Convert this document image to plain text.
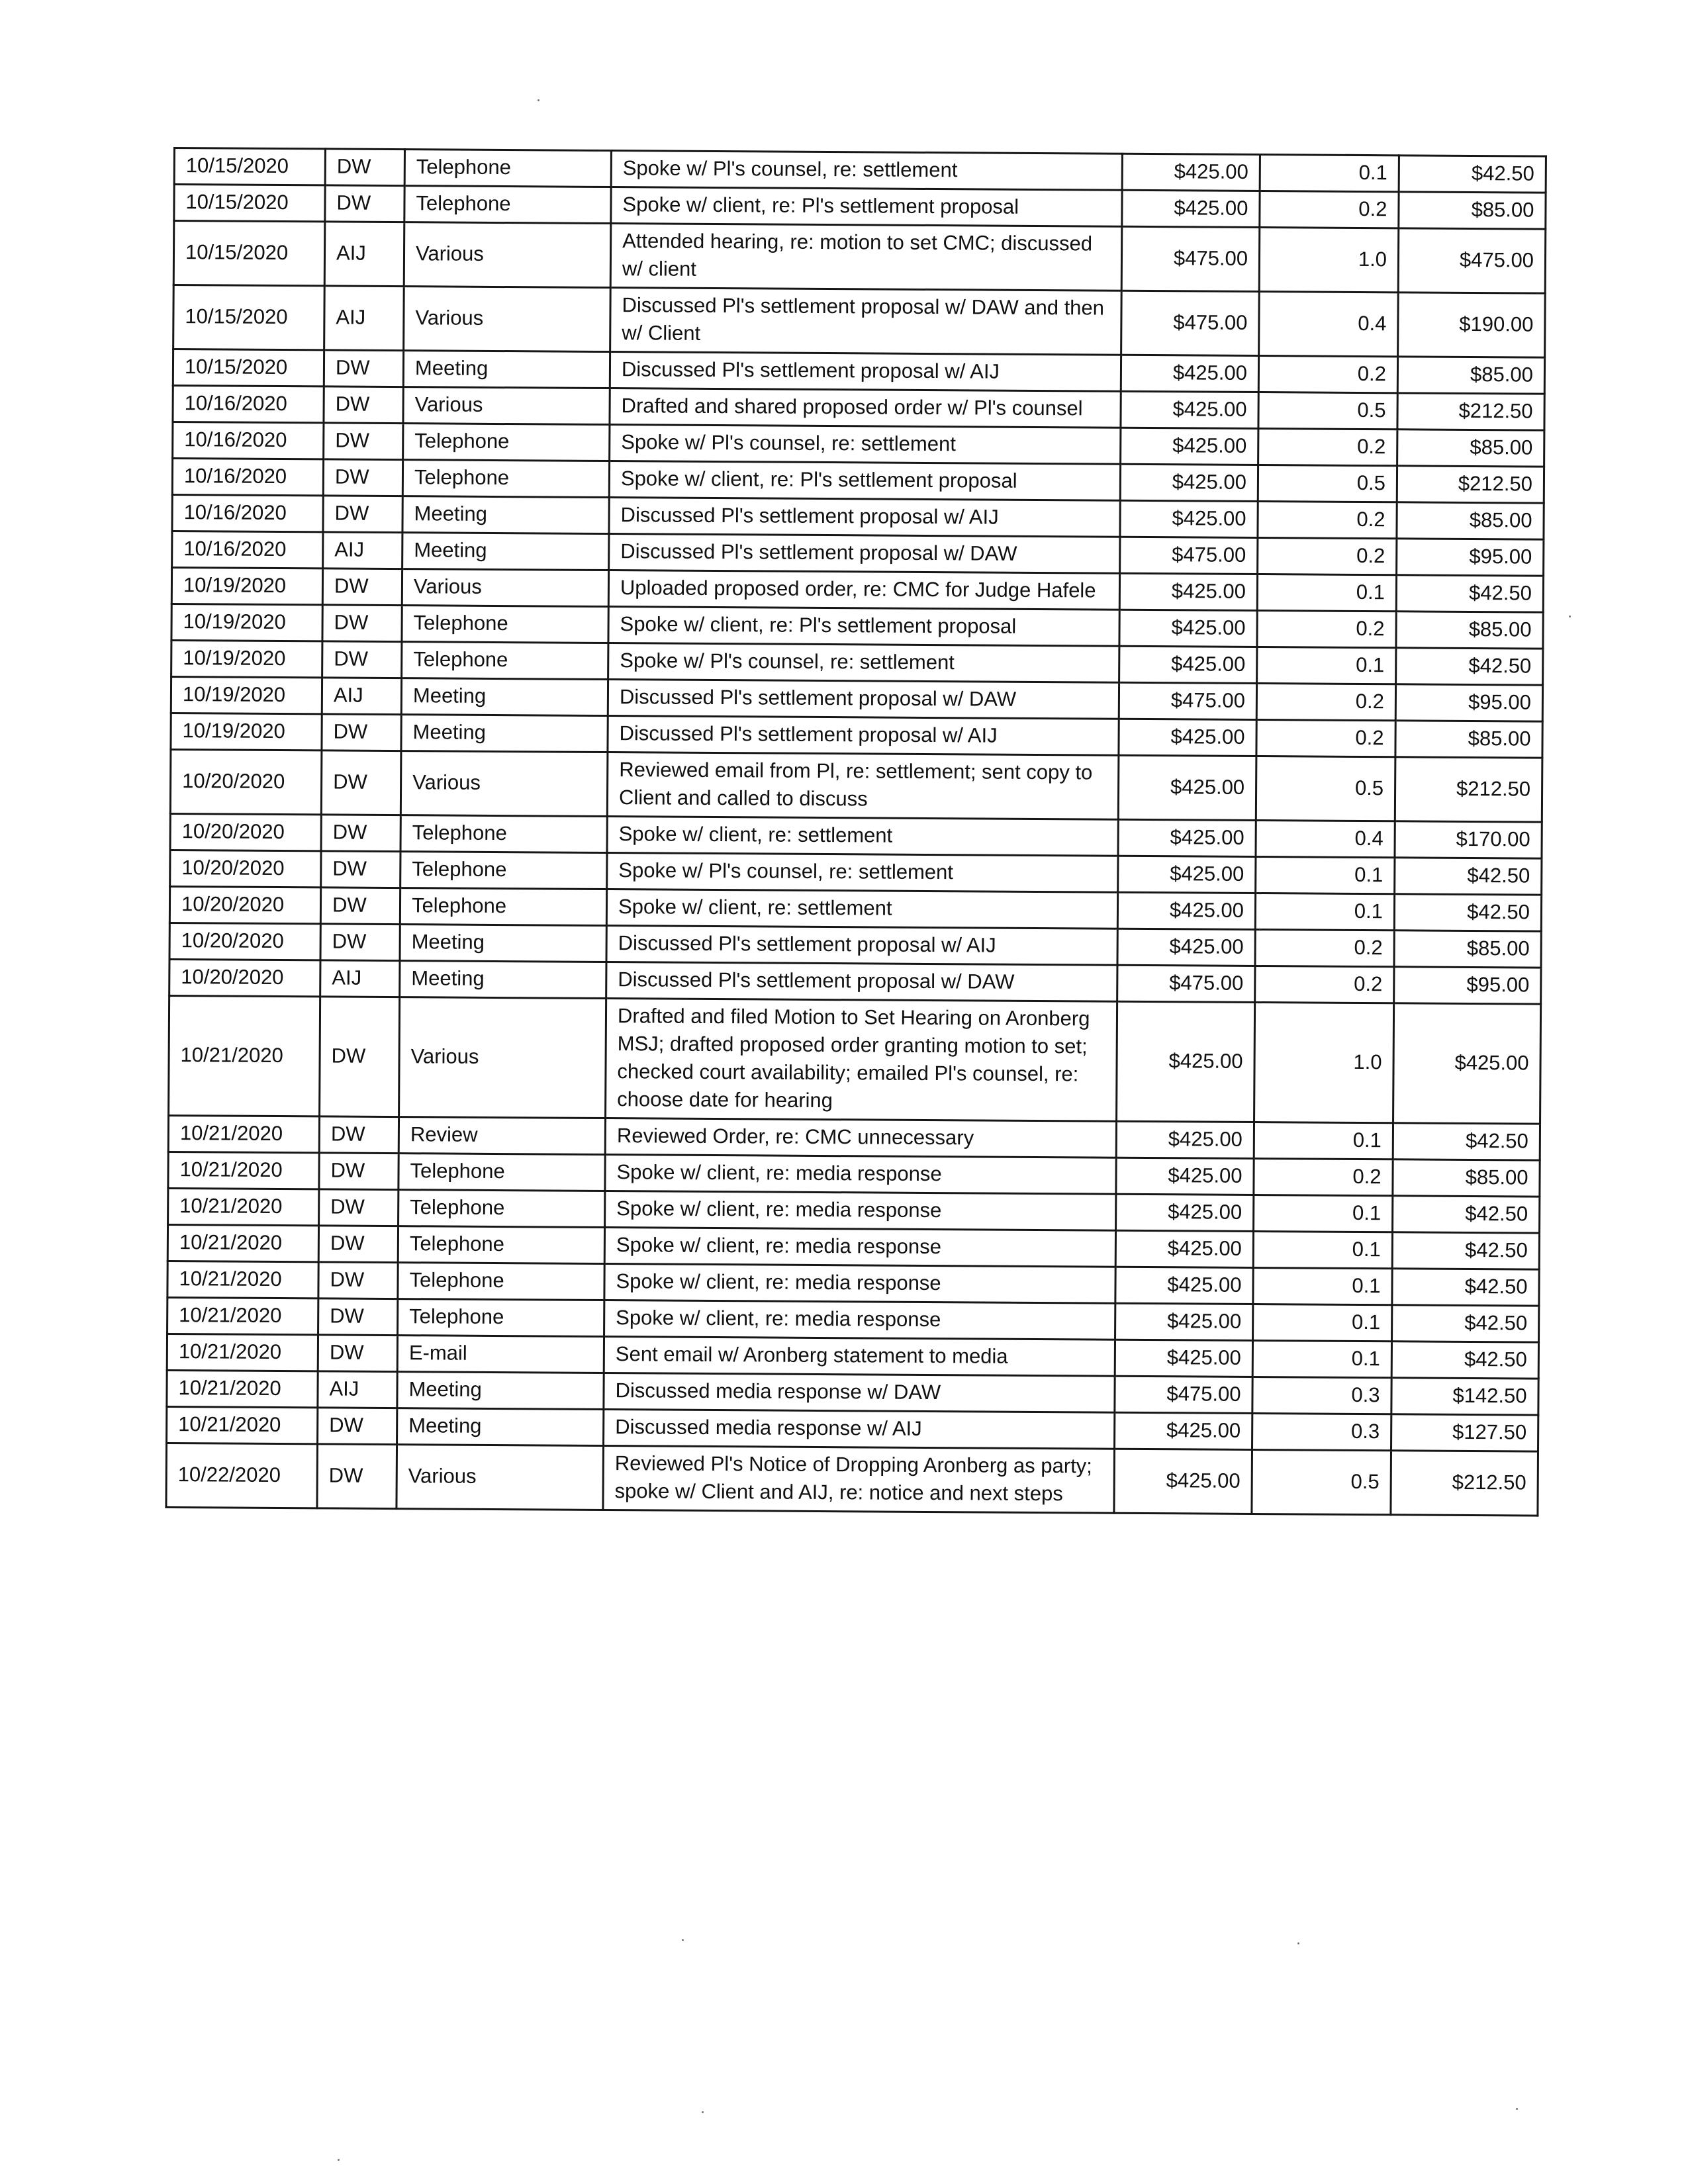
10/15/2020	DW	Telephone	Spoke w/ Pl's counsel, re: settlement	$425.00	0.1	$42.50
10/15/2020	DW	Telephone	Spoke w/ client, re: Pl's settlement proposal	$425.00	0.2	$85.00
10/15/2020	AIJ	Various	Attended hearing, re: motion to set CMC; discussed w/ client	$475.00	1.0	$475.00
10/15/2020	AIJ	Various	Discussed Pl's settlement proposal w/ DAW and then w/ Client	$475.00	0.4	$190.00
10/15/2020	DW	Meeting	Discussed Pl's settlement proposal w/ AIJ	$425.00	0.2	$85.00
10/16/2020	DW	Various	Drafted and shared proposed order w/ Pl's counsel	$425.00	0.5	$212.50
10/16/2020	DW	Telephone	Spoke w/ Pl's counsel, re: settlement	$425.00	0.2	$85.00
10/16/2020	DW	Telephone	Spoke w/ client, re: Pl's settlement proposal	$425.00	0.5	$212.50
10/16/2020	DW	Meeting	Discussed Pl's settlement proposal w/ AIJ	$425.00	0.2	$85.00
10/16/2020	AIJ	Meeting	Discussed Pl's settlement proposal w/ DAW	$475.00	0.2	$95.00
10/19/2020	DW	Various	Uploaded proposed order, re: CMC for Judge Hafele	$425.00	0.1	$42.50
10/19/2020	DW	Telephone	Spoke w/ client, re: Pl's settlement proposal	$425.00	0.2	$85.00
10/19/2020	DW	Telephone	Spoke w/ Pl's counsel, re: settlement	$425.00	0.1	$42.50
10/19/2020	AIJ	Meeting	Discussed Pl's settlement proposal w/ DAW	$475.00	0.2	$95.00
10/19/2020	DW	Meeting	Discussed Pl's settlement proposal w/ AIJ	$425.00	0.2	$85.00
10/20/2020	DW	Various	Reviewed email from Pl, re: settlement; sent copy to Client and called to discuss	$425.00	0.5	$212.50
10/20/2020	DW	Telephone	Spoke w/ client, re: settlement	$425.00	0.4	$170.00
10/20/2020	DW	Telephone	Spoke w/ Pl's counsel, re: settlement	$425.00	0.1	$42.50
10/20/2020	DW	Telephone	Spoke w/ client, re: settlement	$425.00	0.1	$42.50
10/20/2020	DW	Meeting	Discussed Pl's settlement proposal w/ AIJ	$425.00	0.2	$85.00
10/20/2020	AIJ	Meeting	Discussed Pl's settlement proposal w/ DAW	$475.00	0.2	$95.00
10/21/2020	DW	Various	Drafted and filed Motion to Set Hearing on Aronberg MSJ; drafted proposed order granting motion to set; checked court availability; emailed Pl's counsel, re: choose date for hearing	$425.00	1.0	$425.00
10/21/2020	DW	Review	Reviewed Order, re: CMC unnecessary	$425.00	0.1	$42.50
10/21/2020	DW	Telephone	Spoke w/ client, re: media response	$425.00	0.2	$85.00
10/21/2020	DW	Telephone	Spoke w/ client, re: media response	$425.00	0.1	$42.50
10/21/2020	DW	Telephone	Spoke w/ client, re: media response	$425.00	0.1	$42.50
10/21/2020	DW	Telephone	Spoke w/ client, re: media response	$425.00	0.1	$42.50
10/21/2020	DW	Telephone	Spoke w/ client, re: media response	$425.00	0.1	$42.50
10/21/2020	DW	E-mail	Sent email w/ Aronberg statement to media	$425.00	0.1	$42.50
10/21/2020	AIJ	Meeting	Discussed media response w/ DAW	$475.00	0.3	$142.50
10/21/2020	DW	Meeting	Discussed media response w/ AIJ	$425.00	0.3	$127.50
10/22/2020	DW	Various	Reviewed Pl's Notice of Dropping Aronberg as party; spoke w/ Client and AIJ, re: notice and next steps	$425.00	0.5	$212.50
